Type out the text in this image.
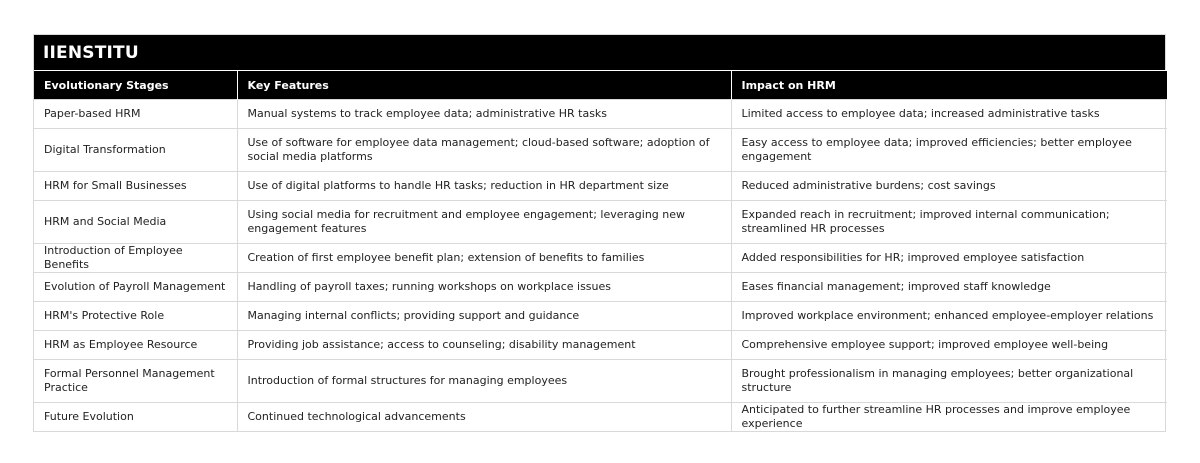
IIENSTITU
Evolutionary Stages	Key Features	Impact on HRM
Paper-based HRM	Manual systems to track employee data; administrative HR tasks	Limited access to employee data; increased administrative tasks
Digital Transformation	Use of software for employee data management; cloud-based software; adoption of social media platforms	Easy access to employee data; improved efficiencies; better employee engagement
HRM for Small Businesses	Use of digital platforms to handle HR tasks; reduction in HR department size	Reduced administrative burdens; cost savings
HRM and Social Media	Using social media for recruitment and employee engagement; leveraging new engagement features	Expanded reach in recruitment; improved internal communication; streamlined HR processes
Introduction of Employee Benefits	Creation of first employee benefit plan; extension of benefits to families	Added responsibilities for HR; improved employee satisfaction
Evolution of Payroll Management	Handling of payroll taxes; running workshops on workplace issues	Eases financial management; improved staff knowledge
HRM's Protective Role	Managing internal conflicts; providing support and guidance	Improved workplace environment; enhanced employee-employer relations
HRM as Employee Resource	Providing job assistance; access to counseling; disability management	Comprehensive employee support; improved employee well-being
Formal Personnel Management Practice	Introduction of formal structures for managing employees	Brought professionalism in managing employees; better organizational structure
Future Evolution	Continued technological advancements	Anticipated to further streamline HR processes and improve employee experience
